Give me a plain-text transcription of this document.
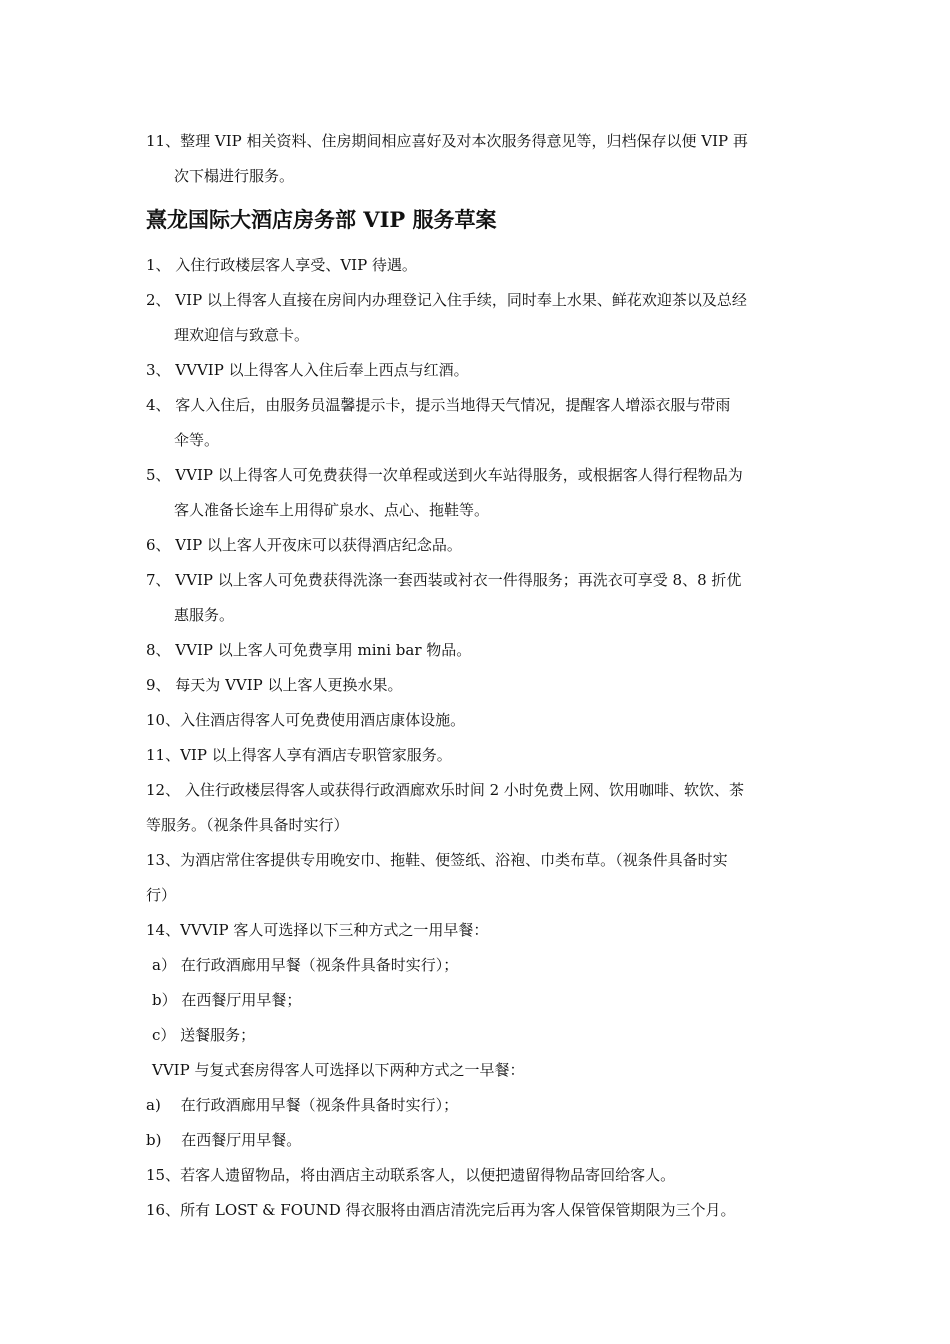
11、整理 VIP 相关资料、住房期间相应喜好及对本次服务得意见等，归档保存以便 VIP 再
次下榻进行服务。
熹龙国际大酒店房务部 VIP 服务草案
1、 入住行政楼层客人享受、VIP 待遇。
2、 VIP 以上得客人直接在房间内办理登记入住手续，同时奉上水果、鲜花欢迎茶以及总经
理欢迎信与致意卡。
3、 VVVIP 以上得客人入住后奉上西点与红酒。
4、 客人入住后，由服务员温馨提示卡，提示当地得天气情况，提醒客人增添衣服与带雨
伞等。
5、 VVIP 以上得客人可免费获得一次单程或送到火车站得服务，或根据客人得行程物品为
客人准备长途车上用得矿泉水、点心、拖鞋等。
6、 VIP 以上客人开夜床可以获得酒店纪念品。
7、 VVIP 以上客人可免费获得洗涤一套西装或衬衣一件得服务；再洗衣可享受 8、8 折优
惠服务。
8、 VVIP 以上客人可免费享用 mini bar 物品。
9、 每天为 VVIP 以上客人更换水果。
10、入住酒店得客人可免费使用酒店康体设施。
11、VIP 以上得客人享有酒店专职管家服务。
12、 入住行政楼层得客人或获得行政酒廊欢乐时间 2 小时免费上网、饮用咖啡、软饮、茶
等服务。（视条件具备时实行）
13、为酒店常住客提供专用晚安巾、拖鞋、便签纸、浴袍、巾类布草。（视条件具备时实
行）
14、VVVIP 客人可选择以下三种方式之一用早餐：
a） 在行政酒廊用早餐（视条件具备时实行）；
b） 在西餐厅用早餐；
c） 送餐服务；
VVIP 与复式套房得客人可选择以下两种方式之一早餐：
a)　 在行政酒廊用早餐（视条件具备时实行）；
b)　 在西餐厅用早餐。
15、若客人遗留物品，将由酒店主动联系客人，以便把遗留得物品寄回给客人。
16、所有 LOST & FOUND 得衣服将由酒店清洗完后再为客人保管保管期限为三个月。
